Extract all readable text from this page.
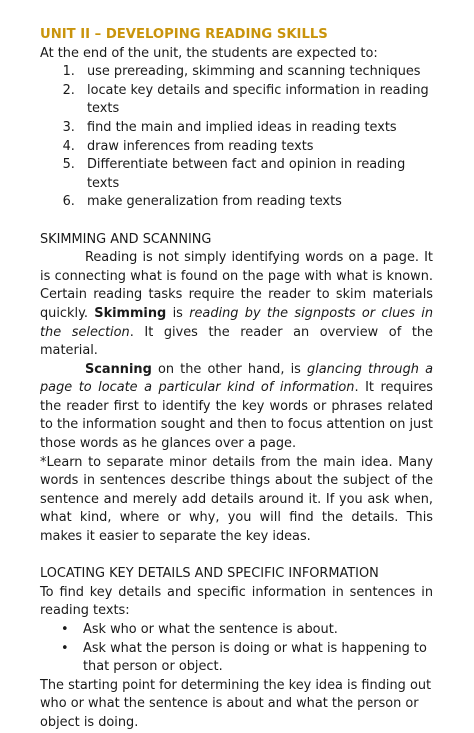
UNIT II – DEVELOPING READING SKILLS

At the end of the unit, the students are expected to:

1. use prereading, skimming and scanning techniques
2. locate key details and specific information in reading texts
3. find the main and implied ideas in reading texts
4. draw inferences from reading texts
5. Differentiate between fact and opinion in reading texts
6. make generalization from reading texts

SKIMMING AND SCANNING

Reading is not simply identifying words on a page. It is connecting what is found on the page with what is known. Certain reading tasks require the reader to skim materials quickly. Skimming is reading by the signposts or clues in the selection. It gives the reader an overview of the material.

Scanning on the other hand, is glancing through a page to locate a particular kind of information. It requires the reader first to identify the key words or phrases related to the information sought and then to focus attention on just those words as he glances over a page.

*Learn to separate minor details from the main idea. Many words in sentences describe things about the subject of the sentence and merely add details around it. If you ask when, what kind, where or why, you will find the details. This makes it easier to separate the key ideas.

LOCATING KEY DETAILS AND SPECIFIC INFORMATION

To find key details and specific information in sentences in reading texts:

• Ask who or what the sentence is about.
• Ask what the person is doing or what is happening to that person or object.

The starting point for determining the key idea is finding out who or what the sentence is about and what the person or object is doing.
